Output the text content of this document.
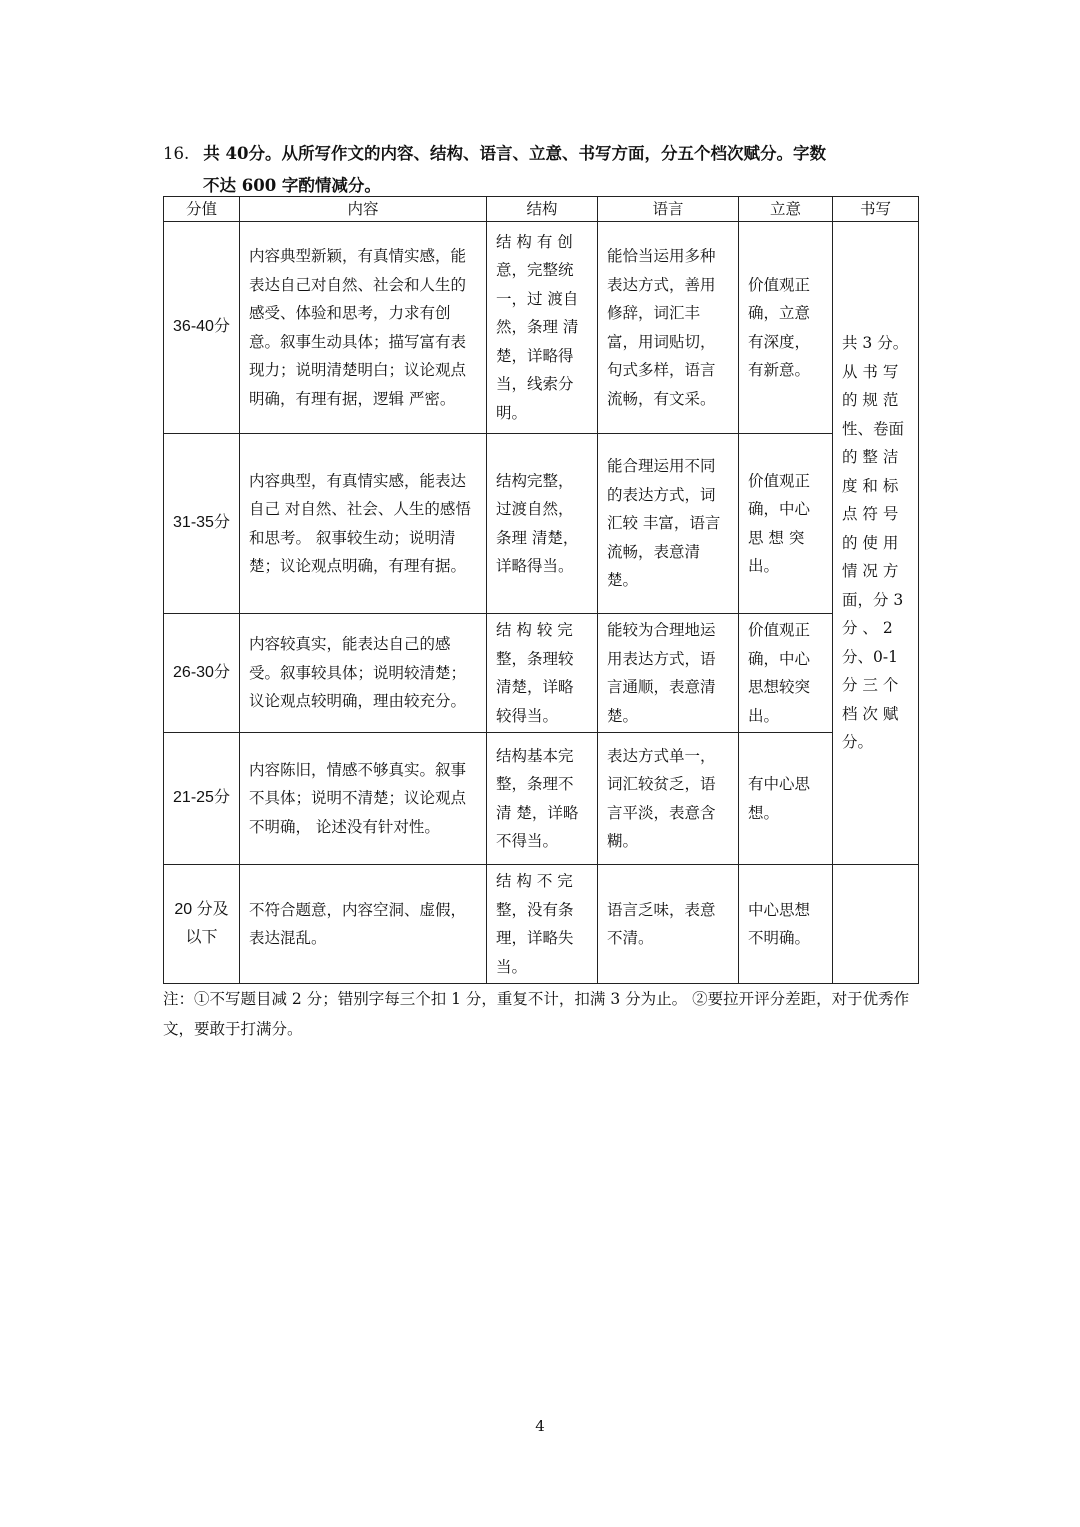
16. 共 40分。从所写作文的内容、结构、语言、立意、书写方面，分五个档次赋分。字数
不达 600 字酌情减分。
分值	内容	结构	语言	立意	书写
36-40分	内容典型新颖，有真情实感，能表达自己对自然、社会和人生的感受、体验和思考，力求有创意。叙事生动具体；描写富有表现力；说明清楚明白；议论观点明确，有理有据，逻辑 严密。	结 构 有 创 意，完整统 一，过 渡自 然，条理 清楚，详略得当，线索分明。	能恰当运用多种表达方式，善用修辞，词汇丰富，用词贴切，句式多样，语言流畅，有文采。	价值观正确，立意有深度，有新意。	共 3 分。从 书 写 的 规 范 性、卷面 的 整 洁 度 和 标 点 符 号 的 使 用 情 况 方 面，分 3 分 、 2 分、0-1 分 三 个 档 次 赋 分。
31-35分	内容典型，有真情实感，能表达自己 对自然、社会、人生的感悟和思考。 叙事较生动；说明清楚；议论观点明确，有理有据。	结构完整，过渡自然，条理 清楚，详略得当。	能合理运用不同的表达方式，词汇较 丰富，语言流畅，表意清楚。	价值观正确，中心 思 想 突出。	
26-30分	内容较真实，能表达自己的感受。叙事较具体；说明较清楚；议论观点较明确，理由较充分。	结 构 较 完 整，条理较 清楚，详略较得当。	能较为合理地运用表达方式，语言通顺，表意清楚。	价值观正确，中心思想较突出。	
21-25分	内容陈旧，情感不够真实。叙事不具体；说明不清楚；议论观点不明确， 论述没有针对性。	结构基本完整，条理不清 楚，详略不得当。	表达方式单一，词汇较贫乏，语言平淡，表意含糊。	有中心思想。	
20 分及 以下	不符合题意，内容空洞、虚假，表达混乱。	结 构 不 完 整，没有条 理，详略失 当。	语言乏味，表意不清。	中心思想不明确。	
注：①不写题目减 2 分；错别字每三个扣 1 分，重复不计，扣满 3 分为止。 ②要拉开评分差距，对于优秀作文，要敢于打满分。
4
